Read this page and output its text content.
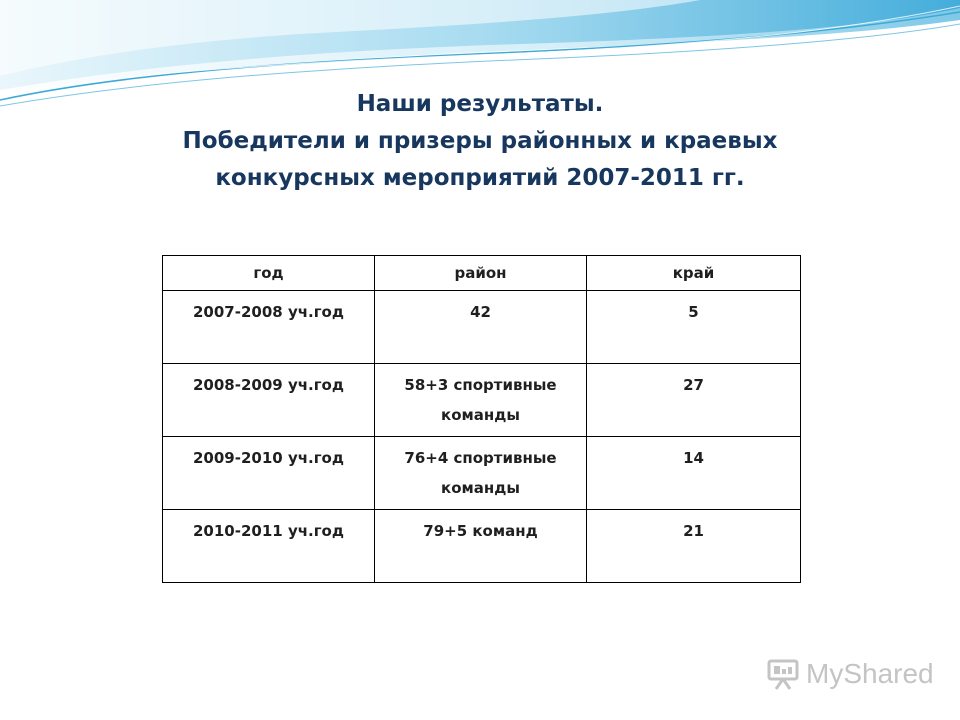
Наши результаты.
Победители и призеры районных и краевых
конкурсных мероприятий 2007-2011 гг.
год	район	край
2007-2008 уч.год	42	5
2008-2009 уч.год	58+3 спортивные команды	27
2009-2010 уч.год	76+4 спортивные команды	14
2010-2011 уч.год	79+5 команд	21
MyShared
